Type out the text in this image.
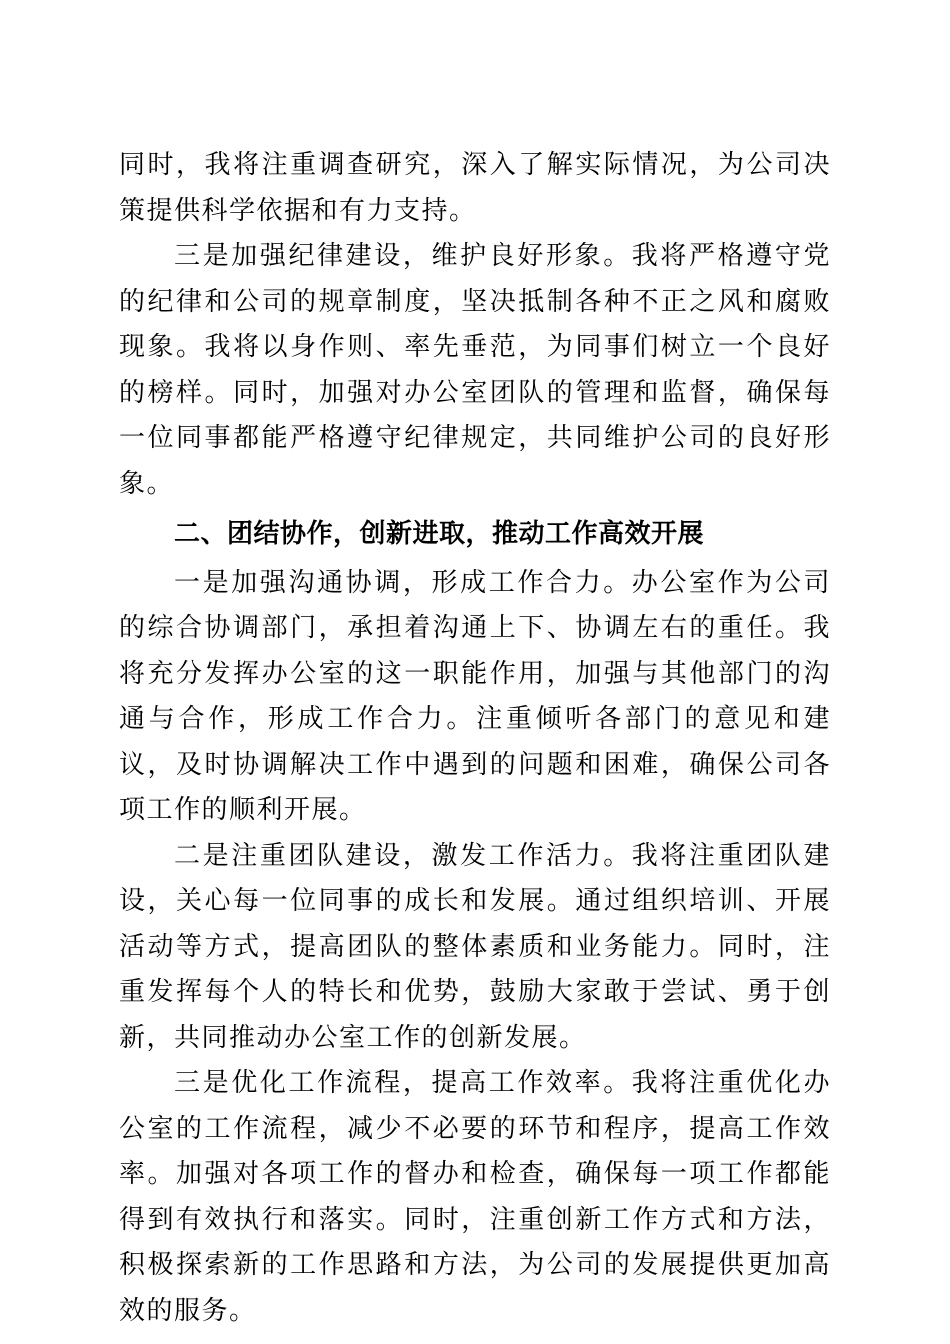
同时，我将注重调查研究，深入了解实际情况，为公司决策提供科学依据和有力支持。

三是加强纪律建设，维护良好形象。我将严格遵守党的纪律和公司的规章制度，坚决抵制各种不正之风和腐败现象。我将以身作则、率先垂范，为同事们树立一个良好的榜样。同时，加强对办公室团队的管理和监督，确保每一位同事都能严格遵守纪律规定，共同维护公司的良好形象。

二、团结协作，创新进取，推动工作高效开展

一是加强沟通协调，形成工作合力。办公室作为公司的综合协调部门，承担着沟通上下、协调左右的重任。我将充分发挥办公室的这一职能作用，加强与其他部门的沟通与合作，形成工作合力。注重倾听各部门的意见和建议，及时协调解决工作中遇到的问题和困难，确保公司各项工作的顺利开展。

二是注重团队建设，激发工作活力。我将注重团队建设，关心每一位同事的成长和发展。通过组织培训、开展活动等方式，提高团队的整体素质和业务能力。同时，注重发挥每个人的特长和优势，鼓励大家敢于尝试、勇于创新，共同推动办公室工作的创新发展。

三是优化工作流程，提高工作效率。我将注重优化办公室的工作流程，减少不必要的环节和程序，提高工作效率。加强对各项工作的督办和检查，确保每一项工作都能得到有效执行和落实。同时，注重创新工作方式和方法，积极探索新的工作思路和方法，为公司的发展提供更加高效的服务。
